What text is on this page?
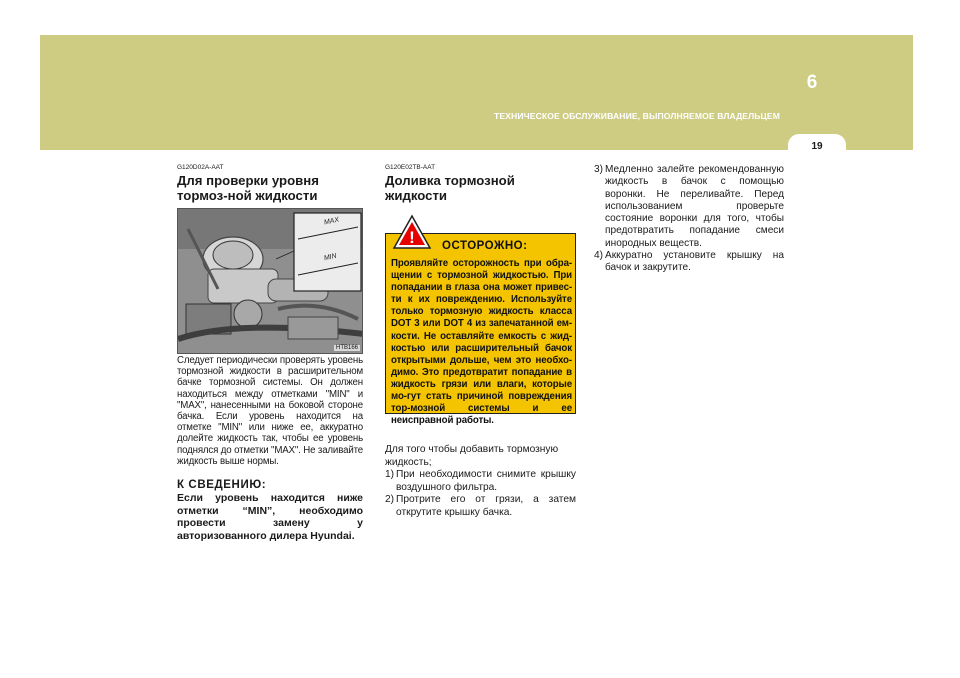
6
ТЕХНИЧЕСКОЕ ОБСЛУЖИВАНИЕ, ВЫПОЛНЯЕМОЕ ВЛАДЕЛЬЦЕМ
19
G120D02A-AAT
Для проверки уровня тормоз-ной жидкости
MAX
MIN
HTB166
Следует периодически проверять уровень тормозной жидкости в расширительном бачке тормозной системы. Он должен находиться между отметками "MIN" и "MAX", нанесенными на боковой стороне бачка. Если уровень находится на отметке "MIN" или ниже ее, аккуратно долейте жидкость так, чтобы ее уровень поднялся до отметки "MAX". Не заливайте жидкость выше нормы.
К СВЕДЕНИЮ:
Если уровень находится ниже отметки “MIN”, необходимо провести замену у авторизованного дилера Hyundai.
G120E02TB-AAT
Доливка тормозной жидкости
! ОСТОРОЖНО:
Проявляйте осторожность при обра-щении с тормозной жидкостью. При попадании в глаза она может привес-ти к их повреждению. Используйте только тормозную жидкость класса DOT 3 или DOT 4 из запечатанной ем-кости. Не оставляйте емкость с жид-костью или расширительный бачок открытыми дольше, чем это необхо-димо. Это предотвратит попадание в жидкость грязи или влаги, которые мо-гут стать причиной повреждения тор-мозной системы и ее неисправной работы.
Для того чтобы добавить тормозную жидкость;
1) При необходимости снимите крышку воздушного фильтра.
2) Протрите его от грязи, а затем открутите крышку бачка.
3) Медленно залейте рекомендованную жидкость в бачок с помощью воронки. Не переливайте. Перед использованием проверьте состояние воронки для того, чтобы предотвратить попадание смеси инородных веществ.
4) Аккуратно установите крышку на бачок и закрутите.
